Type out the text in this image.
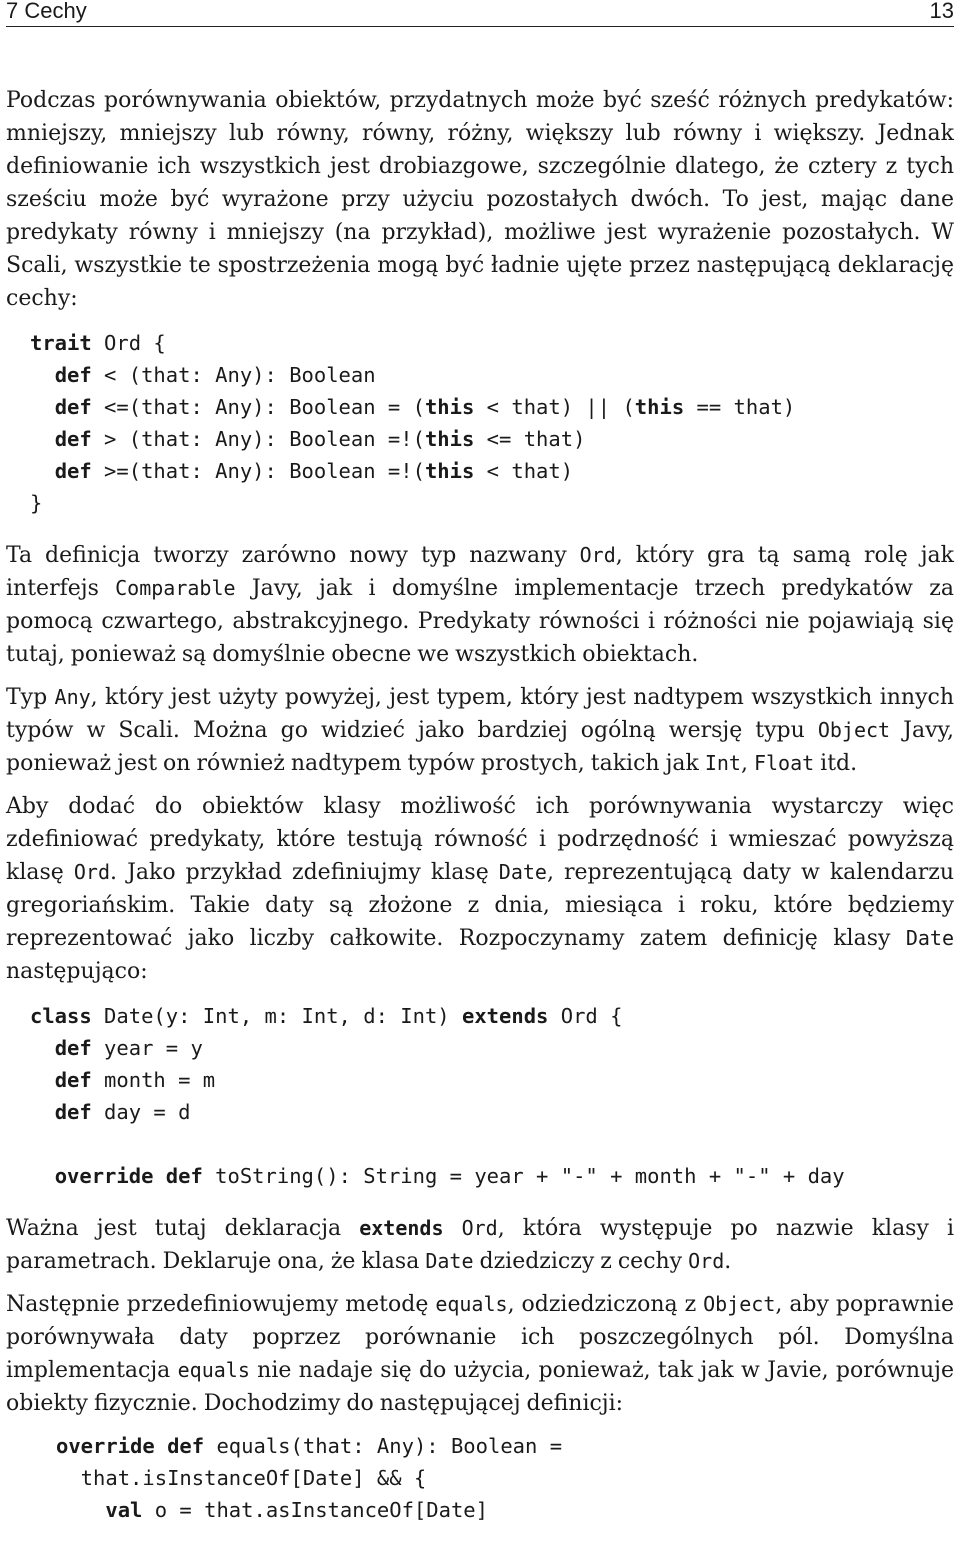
7 Cechy	13

Podczas porównywania obiektów, przydatnych może być sześć różnych predykatów: mniejszy, mniejszy lub równy, równy, różny, większy lub równy i większy. Jednak definiowanie ich wszystkich jest drobiazgowe, szczególnie dlatego, że cztery z tych sześciu może być wyrażone przy użyciu pozostałych dwóch. To jest, mając dane predykaty równy i mniejszy (na przykład), możliwe jest wyrażenie pozostałych. W Scali, wszystkie te spostrzeżenia mogą być ładnie ujęte przez następującą deklarację cechy:

trait Ord {
def < (that: Any): Boolean
def <=(that: Any): Boolean = (this < that) || (this == that)
def > (that: Any): Boolean =!(this <= that)
def >=(that: Any): Boolean =!(this < that)
}

Ta definicja tworzy zarówno nowy typ nazwany Ord, który gra tą samą rolę jak interfejs Comparable Javy, jak i domyślne implementacje trzech predykatów za pomocą czwartego, abstrakcyjnego. Predykaty równości i różności nie pojawiają się tutaj, ponieważ są domyślnie obecne we wszystkich obiektach.

Typ Any, który jest użyty powyżej, jest typem, który jest nadtypem wszystkich innych typów w Scali. Można go widzieć jako bardziej ogólną wersję typu Object Javy, ponieważ jest on również nadtypem typów prostych, takich jak Int, Float itd.

Aby dodać do obiektów klasy możliwość ich porównywania wystarczy więc zdefiniować predykaty, które testują równość i podrzędność i wmieszać powyższą klasę Ord. Jako przykład zdefiniujmy klasę Date, reprezentującą daty w kalendarzu gregoriańskim. Takie daty są złożone z dnia, miesiąca i roku, które będziemy reprezentować jako liczby całkowite. Rozpoczynamy zatem definicję klasy Date następująco:

class Date(y: Int, m: Int, d: Int) extends Ord {
def year = y
def month = m
def day = d
override def toString(): String = year + "-" + month + "-" + day

Ważna jest tutaj deklaracja extends Ord, która występuje po nazwie klasy i parametrach. Deklaruje ona, że klasa Date dziedziczy z cechy Ord.

Następnie przedefiniowujemy metodę equals, odziedziczoną z Object, aby poprawnie porównywała daty poprzez porównanie ich poszczególnych pól. Domyślna implementacja equals nie nadaje się do użycia, ponieważ, tak jak w Javie, porównuje obiekty fizycznie. Dochodzimy do następującej definicji:

override def equals(that: Any): Boolean =
that.isInstanceOf[Date] && {
val o = that.asInstanceOf[Date]
